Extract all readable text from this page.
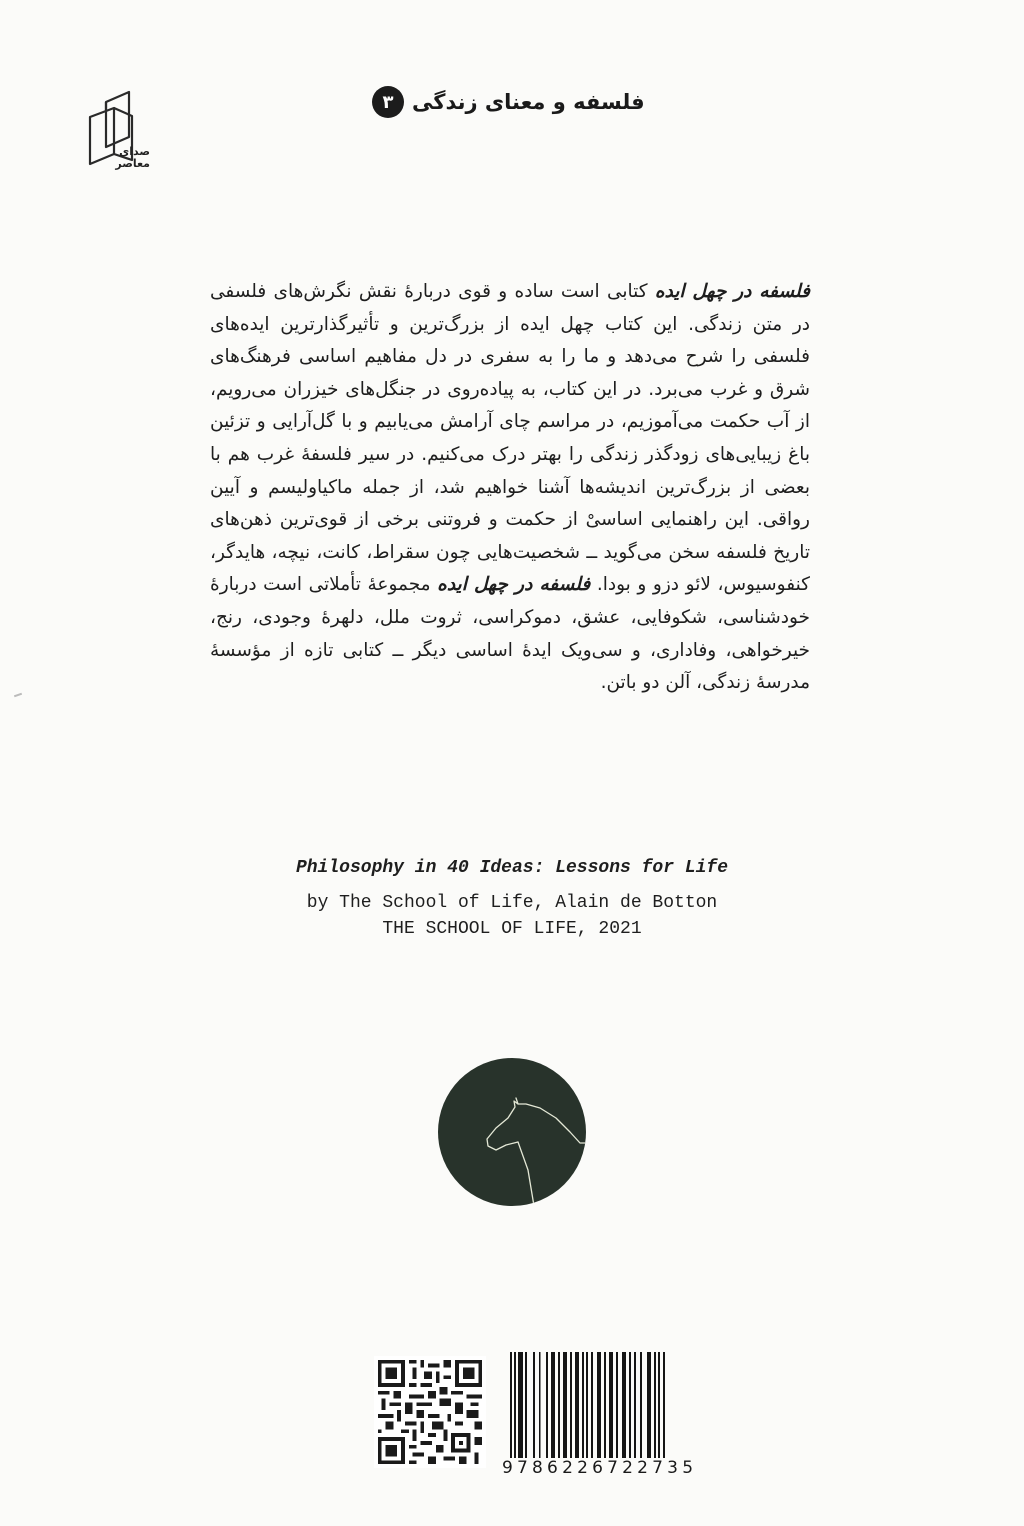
صدای
معاصر
فلسفه و معنای زندگی
۳
فلسفه در چهل ایده کتابی است ساده و قوی دربارهٔ نقش نگرش‌های فلسفی در متن زندگی. این کتاب چهل ایده از بزرگ‌ترین و تأثیرگذارترین ایده‌های فلسفی را شرح می‌دهد و ما را به سفری در دل مفاهیم اساسی فرهنگ‌های شرق و غرب می‌برد. در این کتاب، به پیاده‌روی در جنگل‌های خیزران می‌رویم، از آب حکمت می‌آموزیم، در مراسم چای آرامش می‌یابیم و با گل‌آرایی و تزئین باغ زیبایی‌های زودگذر زندگی را بهتر درک می‌کنیم. در سیر فلسفهٔ غرب هم با بعضی از بزرگ‌ترین اندیشه‌ها آشنا خواهیم شد، از جمله ماکیاولیسم و آیین رواقی. این راهنمایی اساسیْ از حکمت و فروتنی برخی از قوی‌ترین ذهن‌های تاریخ فلسفه سخن می‌گوید ــ شخصیت‌هایی چون سقراط، کانت، نیچه، هایدگر، کنفوسیوس، لائو دزو و بودا. فلسفه در چهل ایده مجموعهٔ تأملاتی است دربارهٔ خودشناسی، شکوفایی، عشق، دموکراسی، ثروت ملل، دلهرهٔ وجودی، رنج، خیرخواهی، وفاداری، و سی‌ویک ایدهٔ اساسی دیگر ــ کتابی تازه از مؤسسهٔ مدرسهٔ زندگی، آلن دو باتن.
Philosophy in 40 Ideas: Lessons for Life
by The School of Life, Alain de Botton
THE SCHOOL OF LIFE, 2021
9786226722735
